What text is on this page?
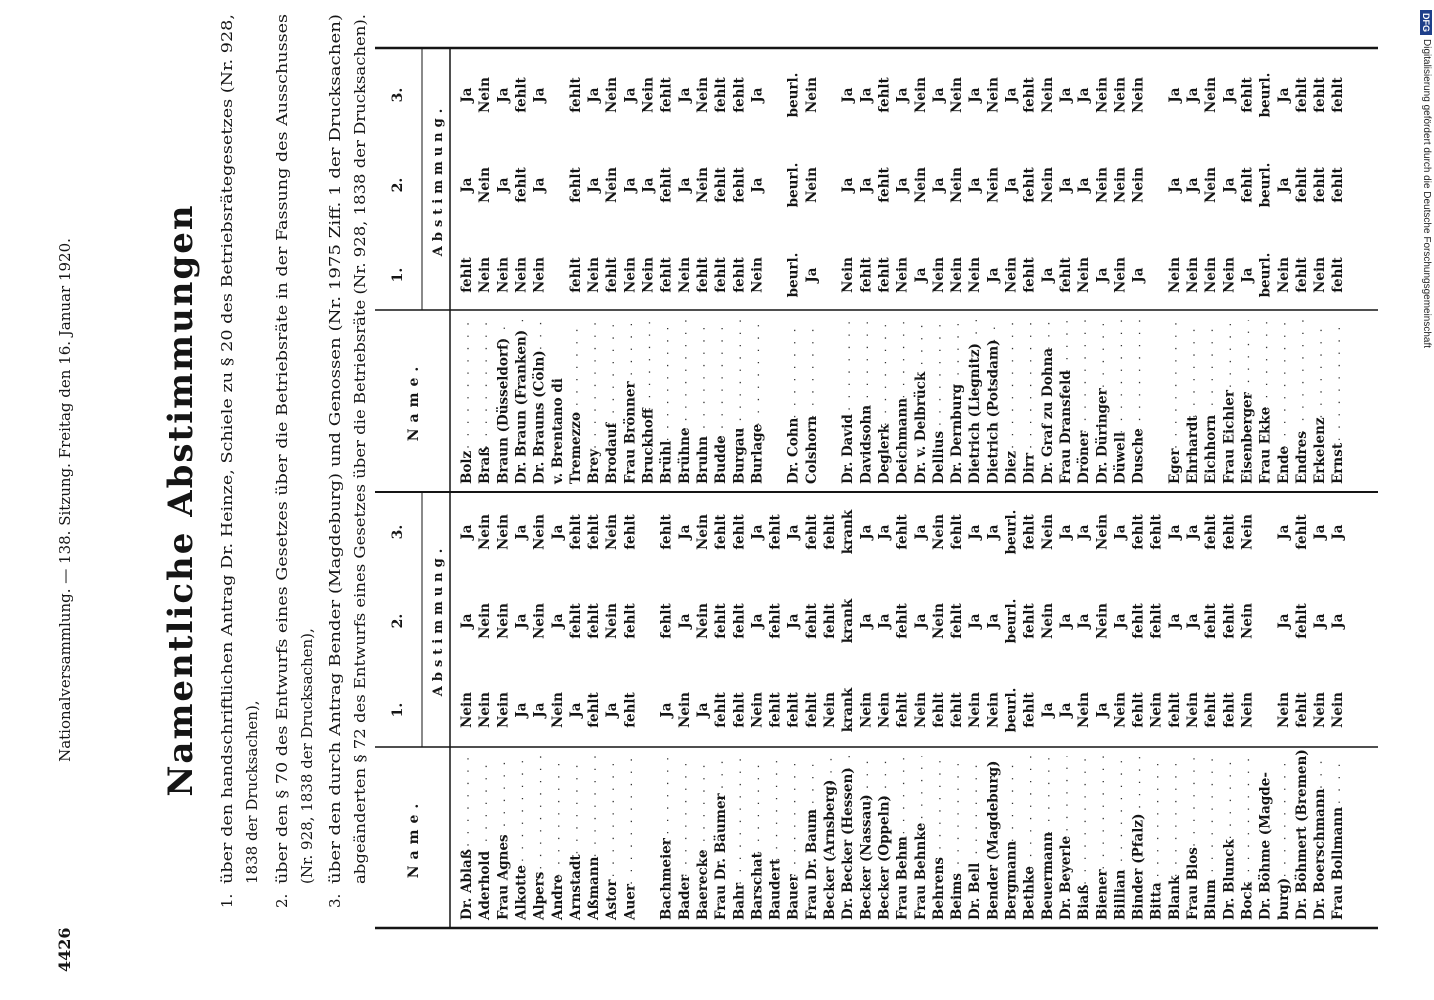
DFG
Digitalisierung gefördert durch die Deutsche Forschungsgemeinschaft
4426
Nationalversammlung. — 138. Sitzung. Freitag den 16. Januar 1920.	Namentliche Abstimmungen
1.
über den handschriftlichen Antrag Dr. Heinze, Schiele zu § 20 des Betriebsrätegesetzes (Nr. 928, 1838 der Drucksachen),
2.
über den § 70 des Entwurfs eines Gesetzes über die Betriebsräte in der Fassung des Ausschusses (Nr. 928, 1838 der Drucksachen),
3.
über den durch Antrag Bender (Magdeburg) und Genossen (Nr. 1975 Ziff. 1 der Drucksachen) abgeänderten § 72 des Entwurfs eines Gesetzes über die Betriebsräte (Nr. 928, 1838 der Drucksachen).	Name.
1.
2.
3.
Abstimmung.
Name.
1.
2.
3.
Abstimmung.
Dr. Ablaß
Nein
Ja
Ja
Aderhold
Nein
Nein
Nein
Frau Agnes
Nein
Nein
Nein
Alkotte
Ja
Ja
Ja
Alpers
Ja
Nein
Nein
Andre
Nein
Ja
Ja
Arnstadt
Ja
fehlt
fehlt
Aßmann
fehlt
fehlt
fehlt
Astor
Ja
Nein
Nein
Auer
fehlt
fehlt
fehlt
Bachmeier
Ja
fehlt
fehlt
Bader
Nein
Ja
Ja
Baerecke
Ja
Nein
Nein
Frau Dr. Bäumer
fehlt
fehlt
fehlt
Bahr
fehlt
fehlt
fehlt
Barschat
Nein
Ja
Ja
Baudert
fehlt
fehlt
fehlt
Bauer
fehlt
Ja
Ja
Frau Dr. Baum
fehlt
fehlt
fehlt
Becker (Arnsberg)
Nein
fehlt
fehlt
Dr. Becker (Hessen)
krank
krank
krank
Becker (Nassau)
Nein
Ja
Ja
Becker (Oppeln)
Nein
Ja
Ja
Frau Behm
fehlt
fehlt
fehlt
Frau Behnke
Nein
Ja
Ja
Behrens
fehlt
Nein
Nein
Beims
fehlt
fehlt
fehlt
Dr. Bell
Nein
Ja
Ja
Bender (Magdeburg)
Nein
Ja
Ja
Bergmann
beurl.
beurl.
beurl.
Bethke
fehlt
fehlt
fehlt
Beuermann
Ja
Nein
Nein
Dr. Beyerle
Ja
Ja
Ja
Biaß
Nein
Ja
Ja
Biener
Ja
Nein
Nein
Billian
Nein
Ja
Ja
Binder (Pfalz)
fehlt
fehlt
fehlt
Bitta
Nein
fehlt
fehlt
Blank
fehlt
Ja
Ja
Frau Blos
Nein
Ja
Ja
Blum
fehlt
fehlt
fehlt
Dr. Blunck
fehlt
fehlt
fehlt
Bock
Nein
Nein
Nein
Dr. Böhme (Magde- burg)
Nein
Ja
Ja
Dr. Böhmert (Bremen)
fehlt
fehlt
fehlt
Dr. Boerschmann
Nein
Ja
Ja
Frau Bollmann
Nein
Ja
Ja
Bolz
fehlt
Ja
Ja
Braß
Nein
Nein
Nein
Braun (Düsseldorf)
Nein
Ja
Ja
Dr. Braun (Franken)
Nein
fehlt
fehlt
Dr. Brauns (Cöln)
Nein
Ja
Ja
v. Brentano di Tremezzo
fehlt
fehlt
fehlt
Brey
Nein
Ja
Ja
Brodauf
fehlt
Nein
Nein
Frau Brönner
Nein
Ja
Ja
Bruckhoff
Nein
Ja
Nein
Brühl
fehlt
fehlt
fehlt
Brühne
Nein
Ja
Ja
Bruhn
fehlt
Nein
Nein
Budde
fehlt
fehlt
fehlt
Burgau
fehlt
fehlt
fehlt
Burlage
Nein
Ja
Ja
Dr. Cohn
beurl.
beurl.
beurl.
Colshorn
Ja
Nein
Nein
Dr. David
Nein
Ja
Ja
Davidsohn
fehlt
Ja
Ja
Deglerk
fehlt
fehlt
fehlt
Deichmann
Nein
Ja
Ja
Dr. v. Delbrück
Ja
Nein
Nein
Dellius
Nein
Ja
Ja
Dr. Dernburg
Nein
Nein
Nein
Dietrich (Liegnitz)
Nein
Ja
Ja
Dietrich (Potsdam)
Ja
Nein
Nein
Diez
Nein
Ja
Ja
Dirr
fehlt
fehlt
fehlt
Dr. Graf zu Dohna
Ja
Nein
Nein
Frau Dransfeld
fehlt
Ja
Ja
Dröner
Nein
Ja
Ja
Dr. Düringer
Ja
Nein
Nein
Düwell
Nein
Nein
Nein
Dusche
Ja
Nein
Nein
Eger
Nein
Ja
Ja
Ehrhardt
Nein
Ja
Ja
Eichhorn
Nein
Nein
Nein
Frau Eichler
Nein
Ja
Ja
Eisenberger
Ja
fehlt
fehlt
Frau Ekke
beurl.
beurl.
beurl.
Ende
Nein
Ja
Ja
Endres
fehlt
fehlt
fehlt
Erkelenz
Nein
fehlt
fehlt
Ernst
fehlt
fehlt
fehlt
